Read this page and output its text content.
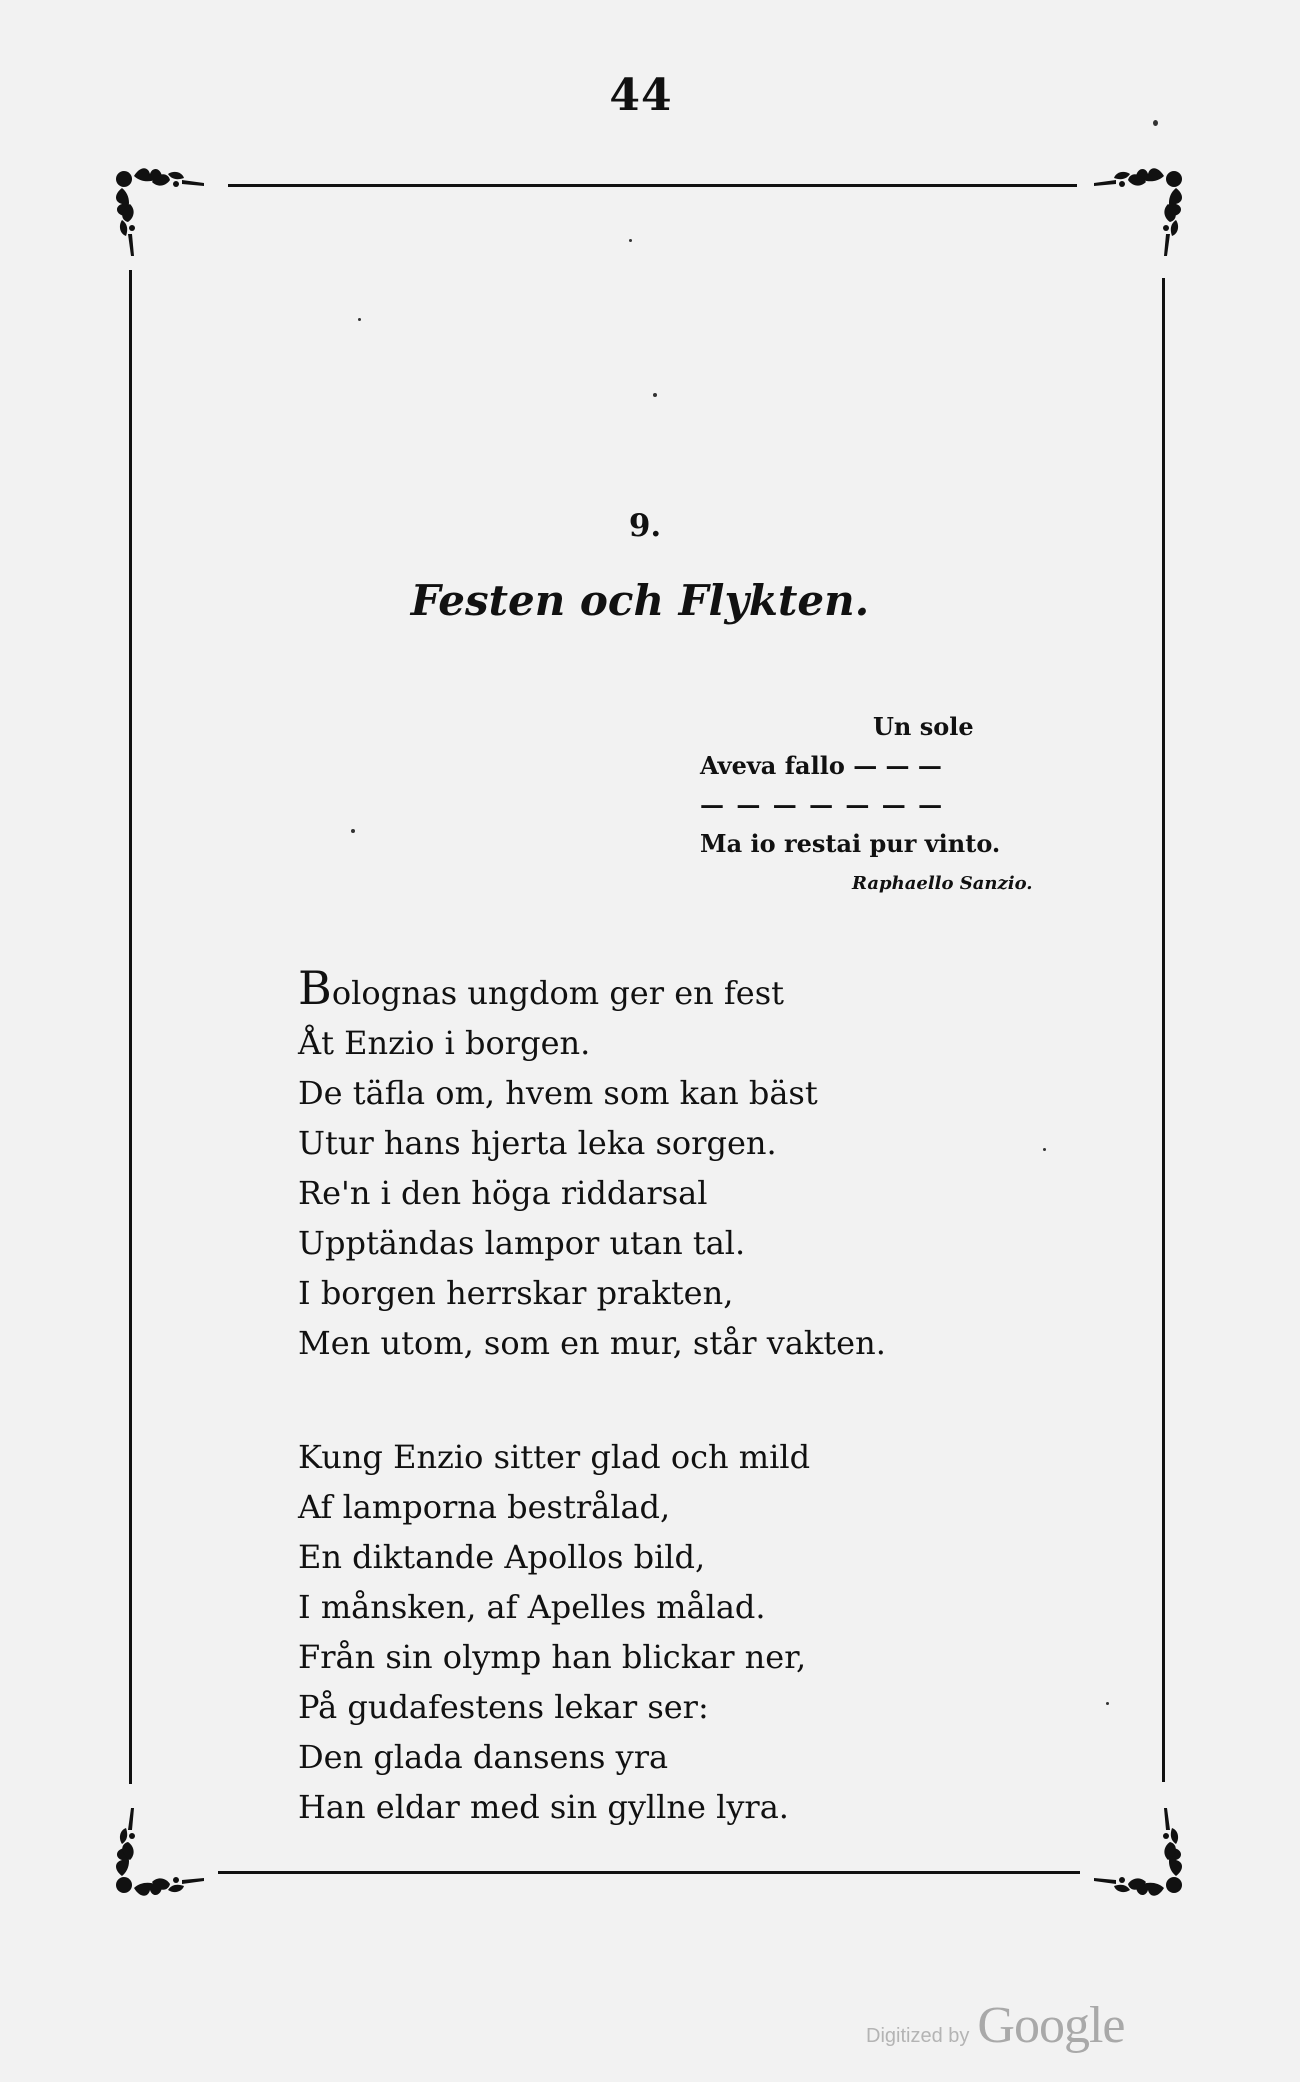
44
9.
Festen och Flykten.
Un sole
Aveva fallo — — —
— — — — — — —
Ma io restai pur vinto.
Raphaello Sanzio.
Bolognas ungdom ger en fest
Åt Enzio i borgen.
De täfla om, hvem som kan bäst
Utur hans hjerta leka sorgen.
Re'n i den höga riddarsal
Upptändas lampor utan tal.
I borgen herrskar prakten,
Men utom, som en mur, står vakten.
Kung Enzio sitter glad och mild
Af lamporna bestrålad,
En diktande Apollos bild,
I månsken, af Apelles målad.
Från sin olymp han blickar ner,
På gudafestens lekar ser:
Den glada dansens yra
Han eldar med sin gyllne lyra.
Digitized by Google
